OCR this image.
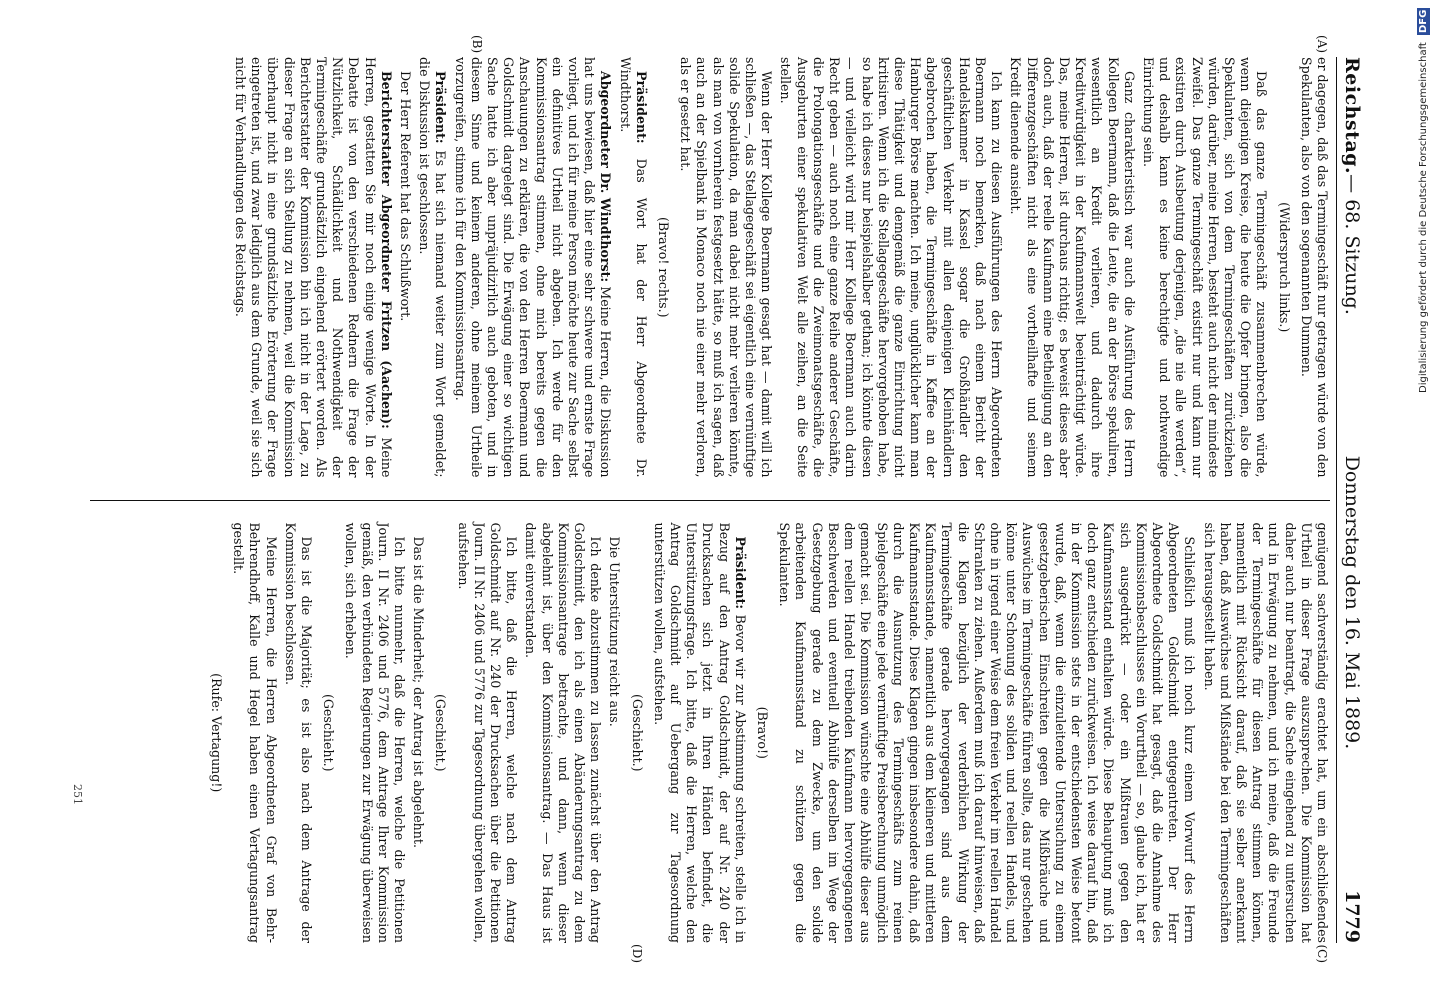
Reichstag.
— 68. Sitzung.
Donnerstag den 16. Mai 1889.
1779
(A)
(B)

er dagegen, daß das Termingeschäft nur getragen würde von den Spekulanten, also von den sogenannten Dummen.

(Widerspruch links.)

Daß das ganze Termingeschäft zusammenbrechen würde, wenn diejenigen Kreise, die heute die Opfer bringen, also die Spekulanten, sich von dem Termingeschäften zurückziehen würden, darüber, meine Herren, besteht auch nicht der mindeste Zweifel. Das ganze Termingeschäft existirt nur und kann nur existiren durch Ausbeutung derjenigen, „die nie alle werden“, und deshalb kann es keine berechtigte und nothwendige Einrichtung sein.

Ganz charakteristisch war auch die Ausführung des Herrn Kollegen Boermann, daß die Leute, die an der Börse spekuliren, wesentlich an Kredit verlieren, und dadurch ihre Kreditwürdigkeit in der Kaufmannswelt beeinträchtigt würde. Das, meine Herren, ist durchaus richtig; es beweist dieses aber doch auch, daß der reelle Kaufmann eine Betheiligung an den Differenzgeschäften nicht als eine vortheilhafte und seinem Kredit dienende ansieht.

Ich kann zu diesen Ausführungen des Herrn Abgeordneten Boermann noch bemerken, daß nach einem Bericht der Handelskammer in Kassel sogar die Großhändler den geschäftlichen Verkehr mit allen denjenigen Kleinhändlern abgebrochen haben, die Termingeschäfte in Kaffee an der Hamburger Börse machten. Ich meine, unglücklicher kann man diese Thätigkeit und demgemäß die ganze Einrichtung nicht kritisiren. Wenn ich die Stellagegeschäfte hervorgehoben habe, so habe ich dieses nur beispielshalber gethan; ich könnte diesen — und vielleicht wird mir Herr Kollege Boermann auch darin Recht geben — auch noch eine ganze Reihe anderer Geschäfte, die Prolongationsgeschäfte und die Zweimonatsgeschäfte, die Ausgeburten einer spekulativen Welt alle zeihen, an die Seite stellen.

Wenn der Herr Kollege Boermann gesagt hat — damit will ich schließen —, das Stellagegeschäft sei eigentlich eine vernünftige solide Spekulation, da man dabei nicht mehr verlieren könnte, als man von vornherein festgesetzt hätte, so muß ich sagen, daß auch an der Spielbank in Monaco noch nie einer mehr verloren, als er gesetzt hat.

(Bravo! rechts.)

Präsident: Das Wort hat der Herr Abgeordnete Dr. Windthorst.

Abgeordneter Dr. Windthorst: Meine Herren, die Diskussion hat uns bewiesen, daß hier eine sehr schwere und ernste Frage vorliegt, und ich für meine Person möchte heute zur Sache selbst ein definitives Urtheil nicht abgeben. Ich werde für den Kommissionsantrag stimmen, ohne mich bereits gegen die Anschauungen zu erklären, die von den Herren Boermann und Goldschmidt dargelegt sind. Die Erwägung einer so wichtigen Sache hatte ich aber unpräjudizirlich auch geboten, und in diesem Sinne und keinem anderen, ohne meinem Urtheile vorzugreifen, stimme ich für den Kommissionsantrag.

Präsident: Es hat sich niemand weiter zum Wort gemeldet; die Diskussion ist geschlossen.

Der Herr Referent hat das Schlußwort.

Berichterstatter Abgeordneter Fritzen (Aachen): Meine Herren, gestatten Sie mir noch einige wenige Worte. In der Debatte ist von den verschiedenen Rednern die Frage der Nützlichkeit, Schädlichkeit und Nothwendigkeit der Termingeschäfte grundsätzlich eingehend erörtert worden. Als Berichterstatter der Kommission bin ich nicht in der Lage, zu dieser Frage an sich Stellung zu nehmen, weil die Kommission überhaupt nicht in eine grundsätzliche Erörterung der Frage eingetreten ist, und zwar lediglich aus dem Grunde, weil sie sich nicht für Verhandlungen des Reichstags.

(C)
(D)

genügend sachverständig erachtet hat, um ein abschließendes Urtheil in dieser Frage auszusprechen. Die Kommission hat daher auch nur beantragt, die Sache eingehend zu untersuchen und in Erwägung zu nehmen, und ich meine, daß die Freunde der Termingeschäfte für diesen Antrag stimmen können, namentlich mit Rücksicht darauf, daß sie selber anerkannt haben, daß Auswüchse und Mißstände bei den Termingeschäften sich herausgestellt haben.

Schließlich muß ich noch kurz einem Vorwurf des Herrn Abgeordneten Goldschmidt entgegentreten. Der Herr Abgeordnete Goldschmidt hat gesagt, daß die Annahme des Kommissionsbeschlusses ein Vorurtheil — so, glaube ich, hat er sich ausgedrückt — oder ein Mißtrauen gegen den Kaufmannsstand enthalten würde. Diese Behauptung muß ich doch ganz entschieden zurückweisen. Ich weise darauf hin, daß in der Kommission stets in der entschiedensten Weise betont wurde, daß, wenn die einzuleitende Untersuchung zu einem gesetzgeberischen Einschreiten gegen die Mißbräuche und Auswüchse im Termingeschäfte führen sollte, das nur geschehen könne unter Schonung des soliden und reellen Handels, und ohne in irgend einer Weise dem freien Verkehr im reellen Handel Schranken zu ziehen. Außerdem muß ich darauf hinweisen, daß die Klagen bezüglich der verderblichen Wirkung der Termingeschäfte gerade hervorgegangen sind aus dem Kaufmannsstande, namentlich aus dem kleineren und mittleren Kaufmannsstande. Diese Klagen gingen insbesondere dahin, daß durch die Ausnutzung des Termingeschäfts zum reinen Spielgeschäfte eine jede vernünftige Preisberechnung unmöglich gemacht sei. Die Kommission wünschte eine Abhülfe dieser aus dem reellen Handel treibenden Kaufmann hervorgegangenen Beschwerden und eventuell Abhülfe derselben im Wege der Gesetzgebung gerade zu dem Zwecke, um den solide arbeitenden Kaufmannsstand zu schützen gegen die Spekulanten.

(Bravo!)

Präsident: Bevor wir zur Abstimmung schreiten, stelle ich in Bezug auf den Antrag Goldschmidt, der auf Nr. 240 der Drucksachen sich jetzt in Ihren Händen befindet, die Unterstützungsfrage. Ich bitte, daß die Herren, welche den Antrag Goldschmidt auf Uebergang zur Tagesordnung unterstützen wollen, aufstehen.

(Geschieht.)

Die Unterstützung reicht aus.

Ich denke abzustimmen zu lassen zunächst über den Antrag Goldschmidt, den ich als einen Abänderungsantrag zu dem Kommissionsantrage betrachte, und dann, wenn dieser abgelehnt ist, über den Kommissionsantrag. — Das Haus ist damit einverstanden.

Ich bitte, daß die Herren, welche nach dem Antrag Goldschmidt auf Nr. 240 der Drucksachen über die Petitionen Journ. II Nr. 2406 und 5776 zur Tagesordnung übergehen wollen, aufstehen.

(Geschieht.)

Das ist die Minderheit; der Antrag ist abgelehnt.

Ich bitte nunmehr, daß die Herren, welche die Petitionen Journ. II Nr. 2406 und 5776, dem Antrage Ihrer Kommission gemäß, den verbündeten Regierungen zur Erwägung überweisen wollen, sich erheben.

(Geschieht.)

Das ist die Majorität; es ist also nach dem Antrage der Kommission beschlossen.

Meine Herren, die Herren Abgeordneten Graf von Behr-Behrendhoff, Kalle und Hegel haben einen Vertagungsantrag gestellt.

(Rufe: Vertagung!)

251
Digitalisierung gefördert durch die Deutsche Forschungsgemeinschaft DFG
